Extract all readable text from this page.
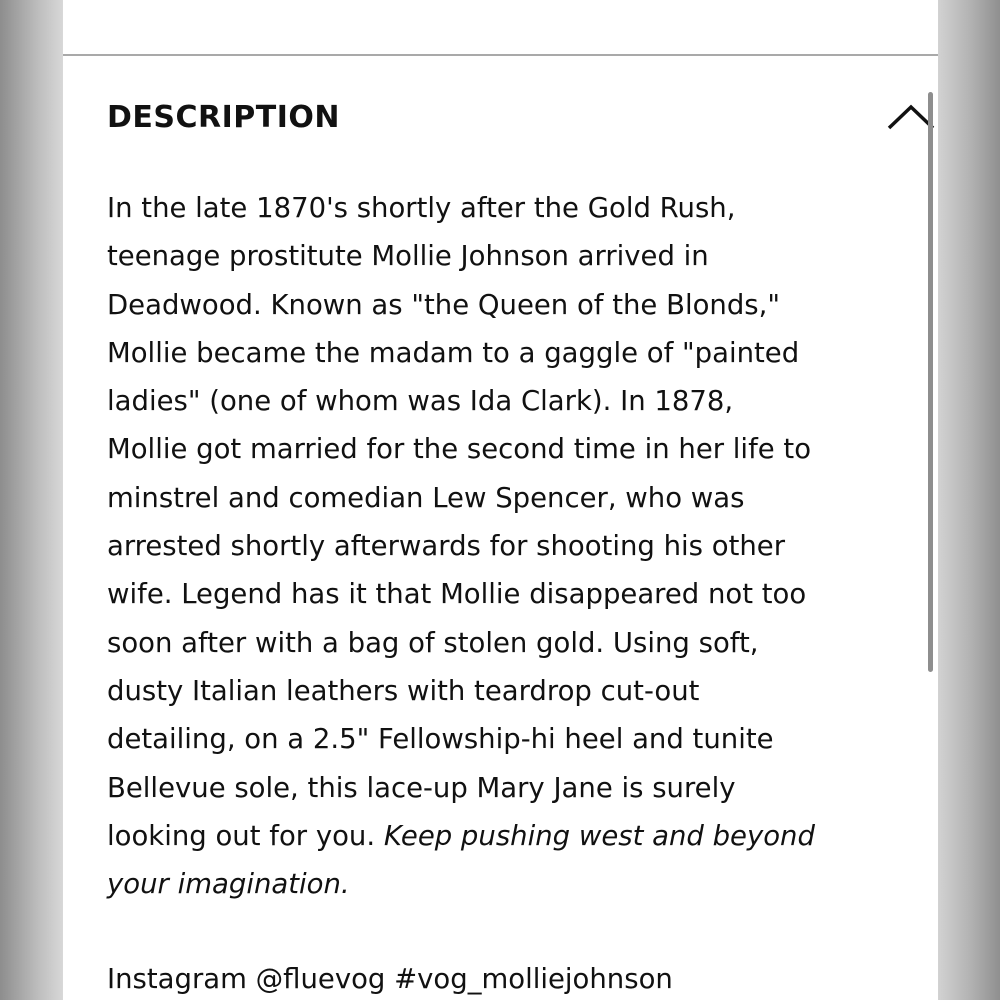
DESCRIPTION
In the late 1870's shortly after the Gold Rush,
teenage prostitute Mollie Johnson arrived in
Deadwood. Known as "the Queen of the Blonds,"
Mollie became the madam to a gaggle of "painted
ladies" (one of whom was Ida Clark). In 1878,
Mollie got married for the second time in her life to
minstrel and comedian Lew Spencer, who was
arrested shortly afterwards for shooting his other
wife. Legend has it that Mollie disappeared not too
soon after with a bag of stolen gold. Using soft,
dusty Italian leathers with teardrop cut-out
detailing, on a 2.5" Fellowship-hi heel and tunite
Bellevue sole, this lace-up Mary Jane is surely
looking out for you. Keep pushing west and beyond
your imagination.
Instagram @fluevog #vog_molliejohnson
